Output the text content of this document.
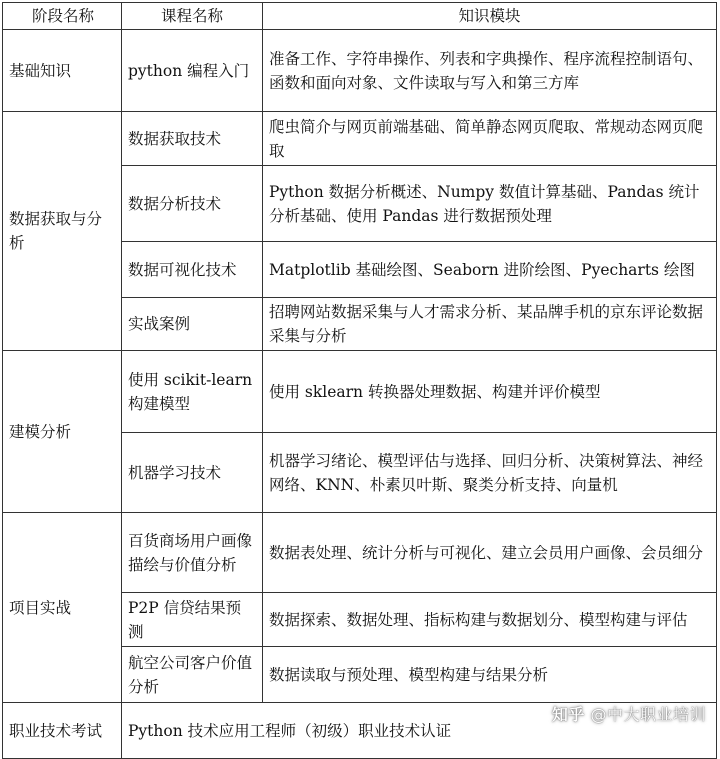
阶段名称	课程名称	知识模块
基础知识	python 编程入门	准备工作、字符串操作、列表和字典操作、程序流程控制语句、函数和面向对象、文件读取与写入和第三方库
数据获取与分析	数据获取技术	爬虫简介与网页前端基础、简单静态网页爬取、常规动态网页爬取
	数据分析技术	Python 数据分析概述、Numpy 数值计算基础、Pandas 统计分析基础、使用 Pandas 进行数据预处理
	数据可视化技术	Matplotlib 基础绘图、Seaborn 进阶绘图、Pyecharts 绘图
	实战案例	招聘网站数据采集与人才需求分析、某品牌手机的京东评论数据采集与分析
建模分析	使用 scikit-learn 构建模型	使用 sklearn 转换器处理数据、构建并评价模型
	机器学习技术	机器学习绪论、模型评估与选择、回归分析、决策树算法、神经网络、KNN、朴素贝叶斯、聚类分析支持、向量机
项目实战	百货商场用户画像描绘与价值分析	数据表处理、统计分析与可视化、建立会员用户画像、会员细分
	P2P 信贷结果预测	数据探索、数据处理、指标构建与数据划分、模型构建与评估
	航空公司客户价值分析	数据读取与预处理、模型构建与结果分析
职业技术考试	Python 技术应用工程师（初级）职业技术认证	
知乎 @中大职业培训
